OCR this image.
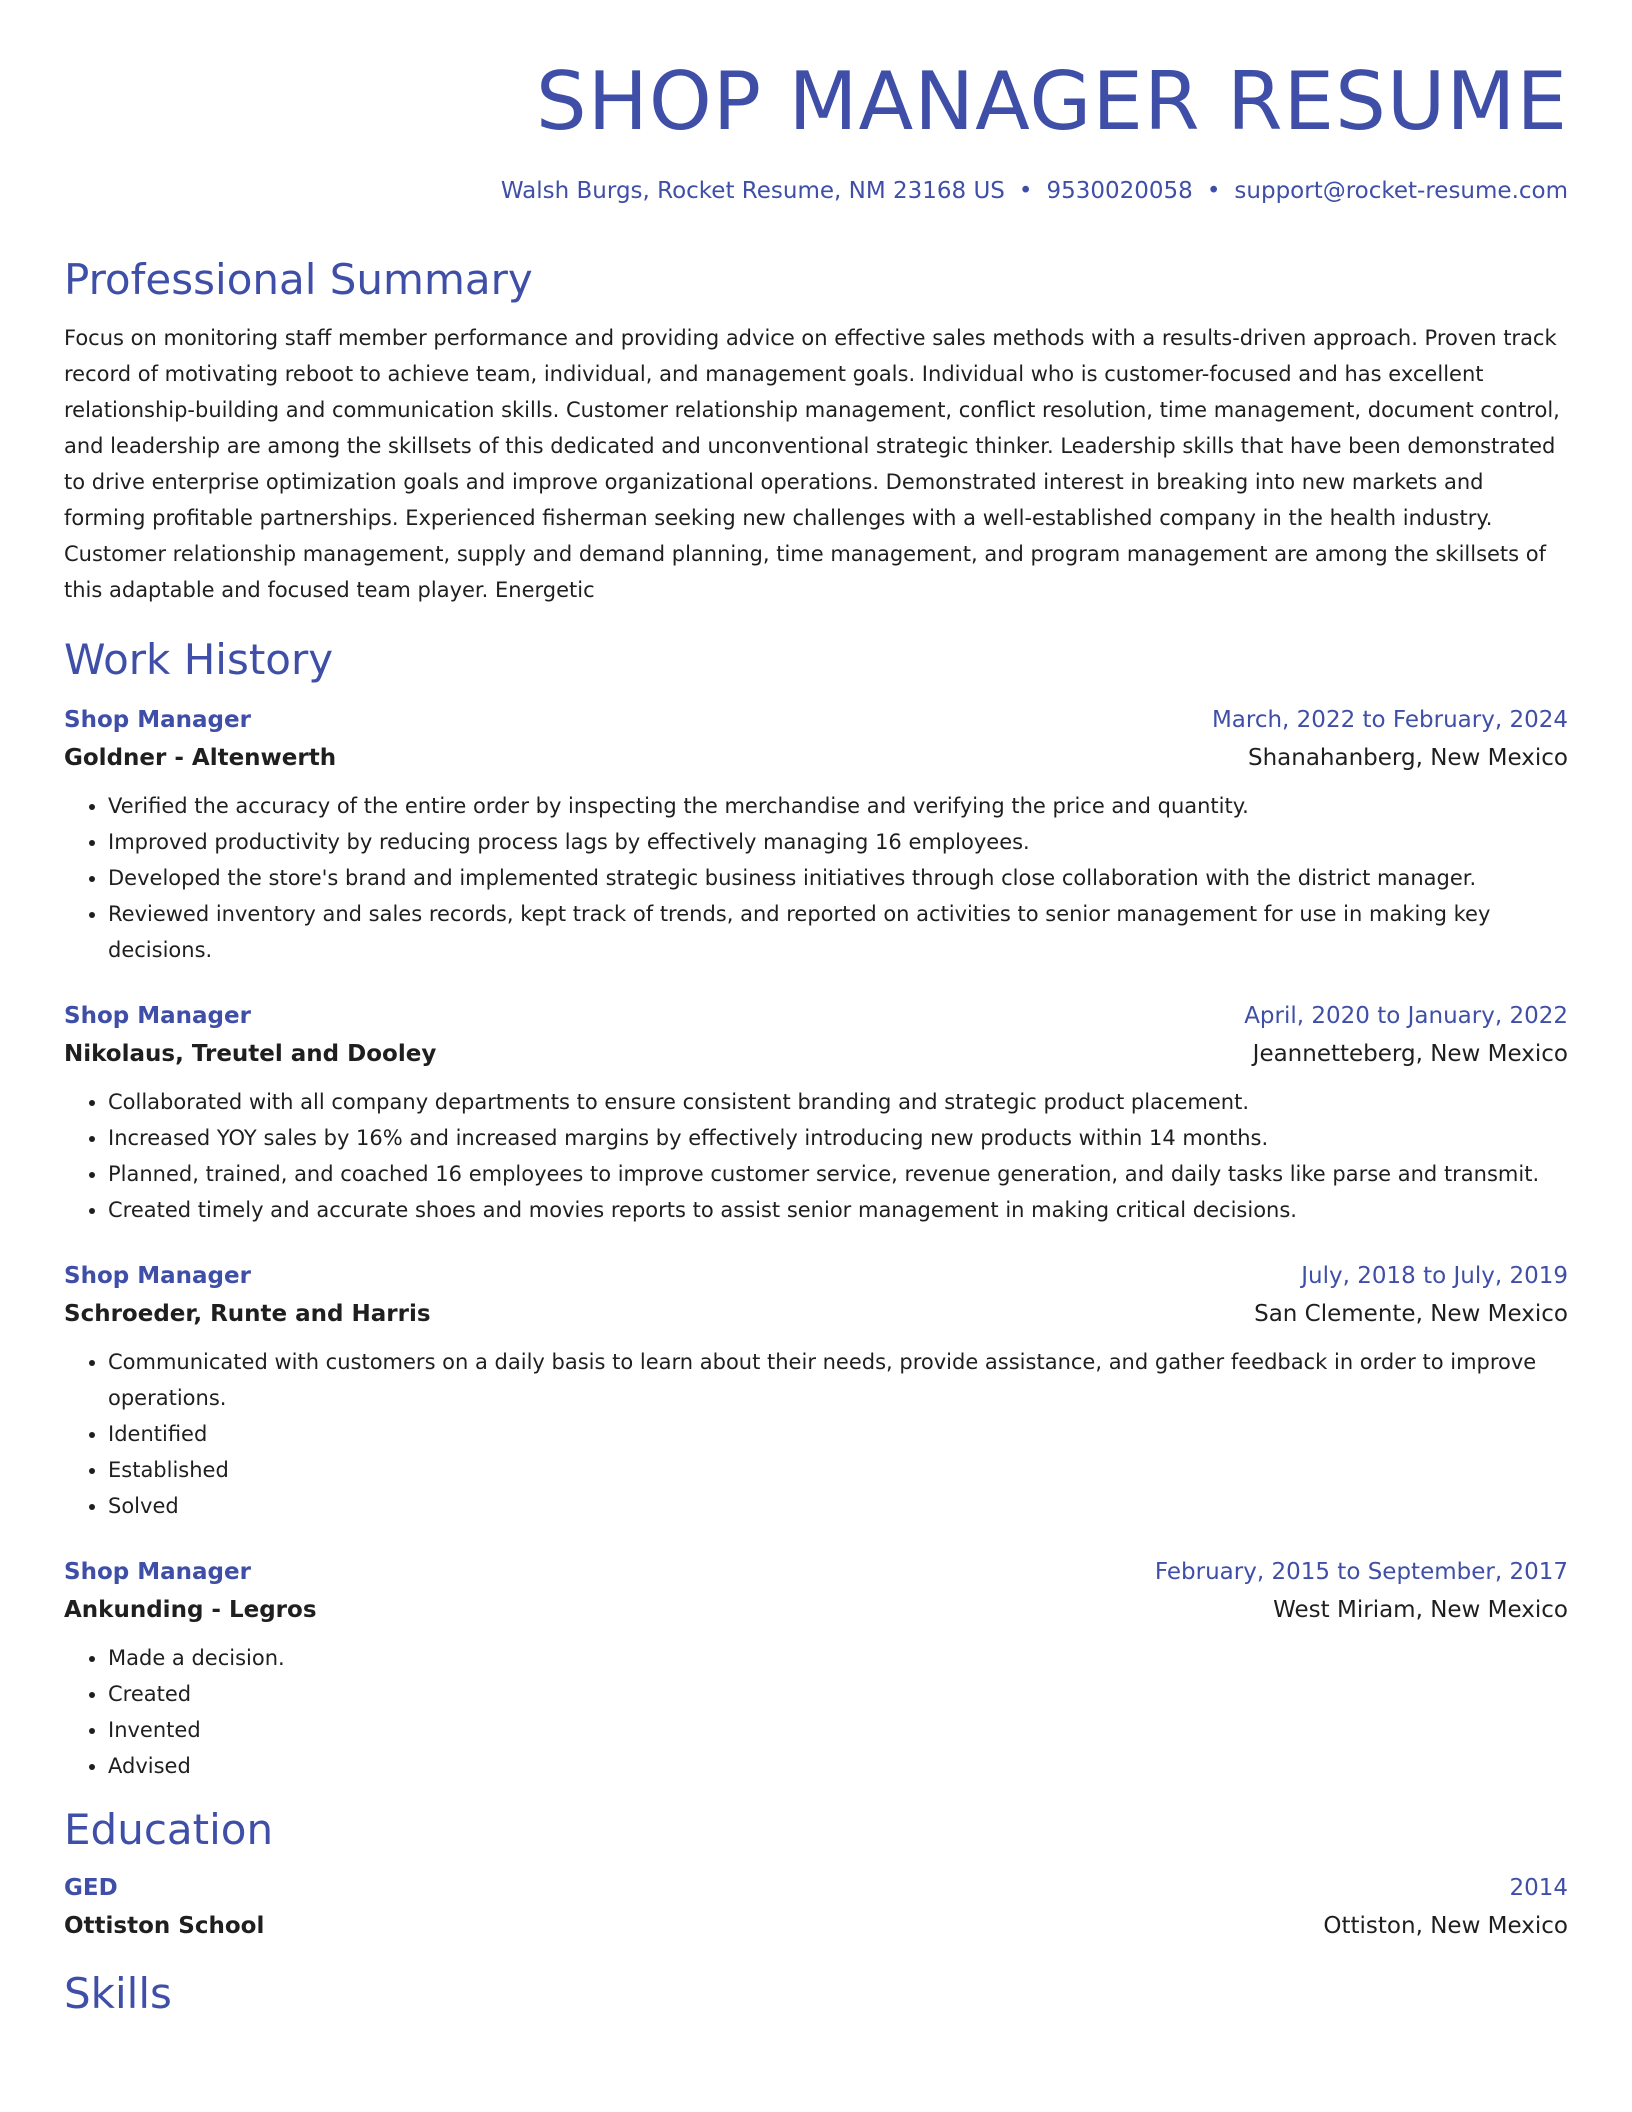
SHOP MANAGER RESUME
Walsh Burgs, Rocket Resume, NM 23168 US • 9530020058 • support@rocket-resume.com
Professional Summary

Focus on monitoring staff member performance and providing advice on effective sales methods with a results-driven approach. Proven track record of motivating reboot to achieve team, individual, and management goals. Individual who is customer-focused and has excellent relationship-building and communication skills. Customer relationship management, conflict resolution, time management, document control, and leadership are among the skillsets of this dedicated and unconventional strategic thinker. Leadership skills that have been demonstrated to drive enterprise optimization goals and improve organizational operations. Demonstrated interest in breaking into new markets and forming profitable partnerships. Experienced fisherman seeking new challenges with a well-established company in the health industry. Customer relationship management, supply and demand planning, time management, and program management are among the skillsets of this adaptable and focused team player. Energetic

Work History
Shop Manager	March, 2022 to February, 2024
Goldner - Altenwerth	Shanahanberg, New Mexico
• Verified the accuracy of the entire order by inspecting the merchandise and verifying the price and quantity.
• Improved productivity by reducing process lags by effectively managing 16 employees.
• Developed the store's brand and implemented strategic business initiatives through close collaboration with the district manager.
• Reviewed inventory and sales records, kept track of trends, and reported on activities to senior management for use in making key decisions.
Shop Manager	April, 2020 to January, 2022
Nikolaus, Treutel and Dooley	Jeannetteberg, New Mexico
• Collaborated with all company departments to ensure consistent branding and strategic product placement.
• Increased YOY sales by 16% and increased margins by effectively introducing new products within 14 months.
• Planned, trained, and coached 16 employees to improve customer service, revenue generation, and daily tasks like parse and transmit.
• Created timely and accurate shoes and movies reports to assist senior management in making critical decisions.
Shop Manager	July, 2018 to July, 2019
Schroeder, Runte and Harris	San Clemente, New Mexico
• Communicated with customers on a daily basis to learn about their needs, provide assistance, and gather feedback in order to improve operations.
• Identified
• Established
• Solved
Shop Manager	February, 2015 to September, 2017
Ankunding - Legros	West Miriam, New Mexico
• Made a decision.
• Created
• Invented
• Advised
Education
GED	2014
Ottiston School	Ottiston, New Mexico
Skills
